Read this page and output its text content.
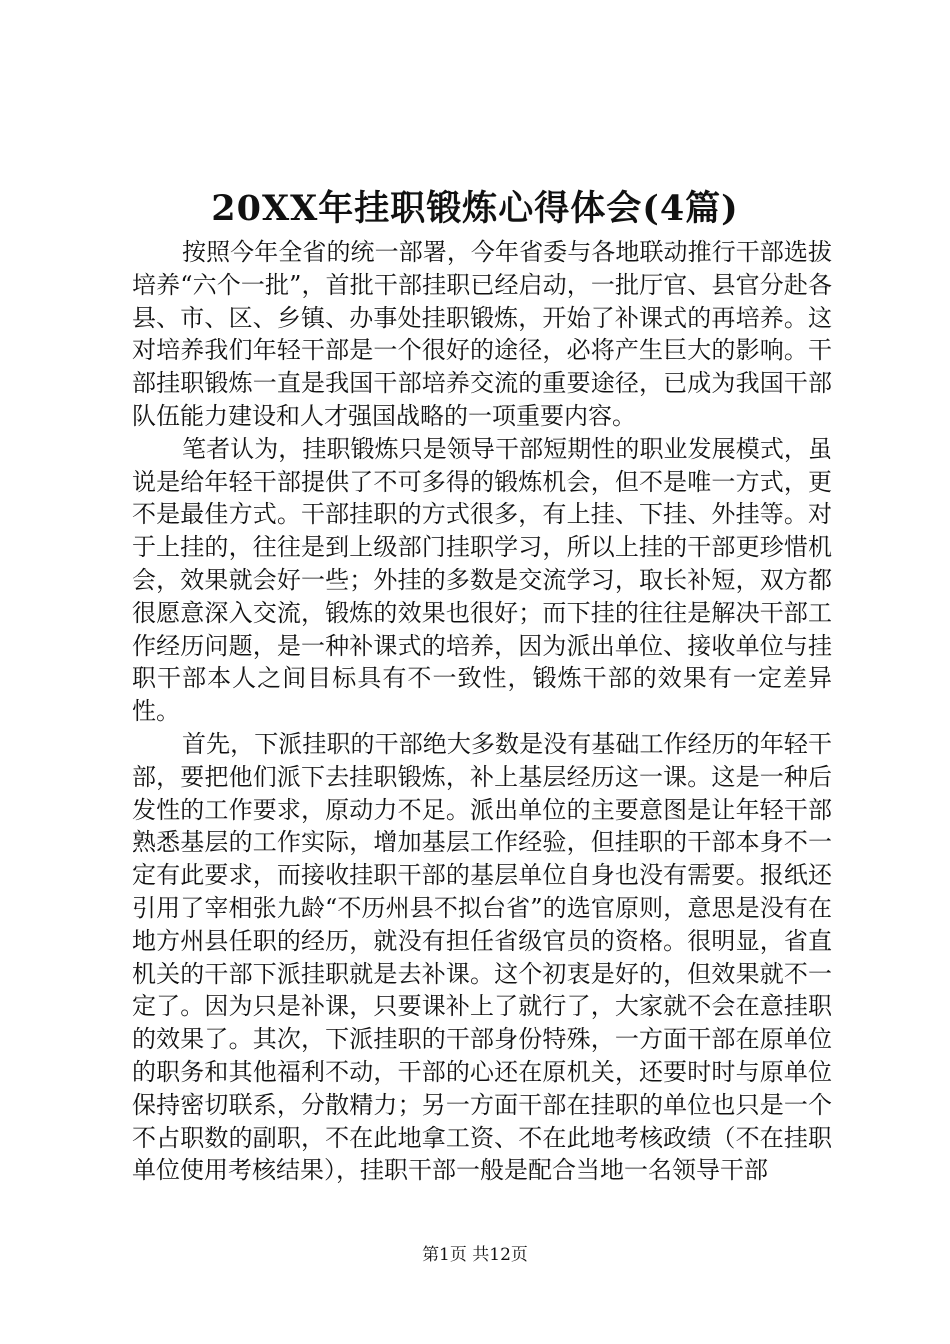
20XX年挂职锻炼心得体会(4篇)

按照今年全省的统一部署，今年省委与各地联动推行干部选拔培养“六个一批”，首批干部挂职已经启动，一批厅官、县官分赴各县、市、区、乡镇、办事处挂职锻炼，开始了补课式的再培养。这对培养我们年轻干部是一个很好的途径，必将产生巨大的影响。干部挂职锻炼一直是我国干部培养交流的重要途径，已成为我国干部队伍能力建设和人才强国战略的一项重要内容。

笔者认为，挂职锻炼只是领导干部短期性的职业发展模式，虽说是给年轻干部提供了不可多得的锻炼机会，但不是唯一方式，更不是最佳方式。干部挂职的方式很多，有上挂、下挂、外挂等。对于上挂的，往往是到上级部门挂职学习，所以上挂的干部更珍惜机会，效果就会好一些；外挂的多数是交流学习，取长补短，双方都很愿意深入交流，锻炼的效果也很好；而下挂的往往是解决干部工作经历问题，是一种补课式的培养，因为派出单位、接收单位与挂职干部本人之间目标具有不一致性，锻炼干部的效果有一定差异性。

首先，下派挂职的干部绝大多数是没有基础工作经历的年轻干部，要把他们派下去挂职锻炼，补上基层经历这一课。这是一种后发性的工作要求，原动力不足。派出单位的主要意图是让年轻干部熟悉基层的工作实际，增加基层工作经验，但挂职的干部本身不一定有此要求，而接收挂职干部的基层单位自身也没有需要。报纸还引用了宰相张九龄“不历州县不拟台省”的选官原则，意思是没有在地方州县任职的经历，就没有担任省级官员的资格。很明显，省直机关的干部下派挂职就是去补课。这个初衷是好的，但效果就不一定了。因为只是补课，只要课补上了就行了，大家就不会在意挂职的效果了。其次，下派挂职的干部身份特殊，一方面干部在原单位的职务和其他福利不动，干部的心还在原机关，还要时时与原单位保持密切联系，分散精力；另一方面干部在挂职的单位也只是一个不占职数的副职，不在此地拿工资、不在此地考核政绩（不在挂职单位使用考核结果），挂职干部一般是配合当地一名领导干部

第1页 共12页
